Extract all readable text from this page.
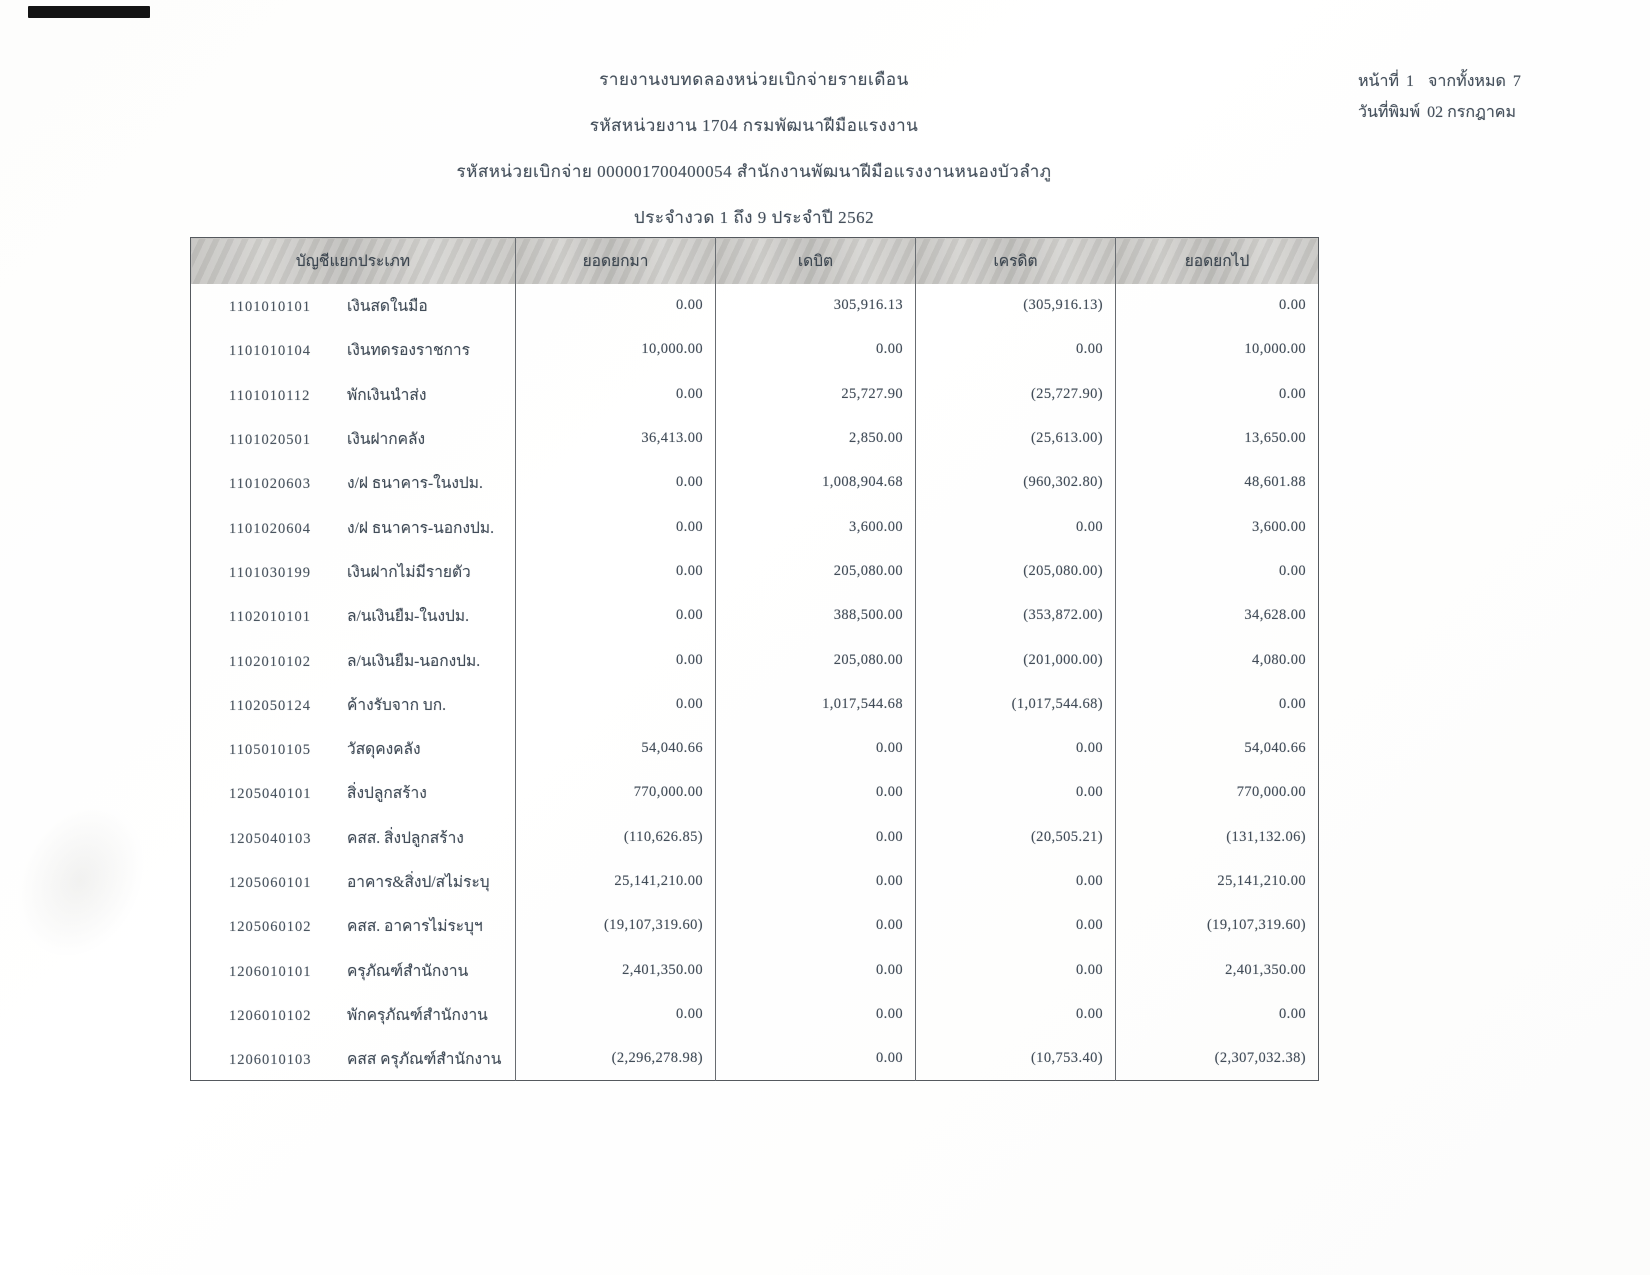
รายงานงบทดลองหน่วยเบิกจ่ายรายเดือน
รหัสหน่วยงาน 1704 กรมพัฒนาฝีมือแรงงาน
รหัสหน่วยเบิกจ่าย 000001700400054 สำนักงานพัฒนาฝีมือแรงงานหนองบัวลำภู
ประจำงวด 1 ถึง 9 ประจำปี 2562
หน้าที่ 1 จากทั้งหมด 7
วันที่พิมพ์ 02 กรกฎาคม
บัญชีแยกประเภท	ยอดยกมา	เดบิต	เครดิต	ยอดยกไป
1101010101 เงินสดในมือ	0.00	305,916.13	(305,916.13)	0.00
1101010104 เงินทดรองราชการ	10,000.00	0.00	0.00	10,000.00
1101010112 พักเงินนำส่ง	0.00	25,727.90	(25,727.90)	0.00
1101020501 เงินฝากคลัง	36,413.00	2,850.00	(25,613.00)	13,650.00
1101020603 ง/ฝ ธนาคาร-ในงปม.	0.00	1,008,904.68	(960,302.80)	48,601.88
1101020604 ง/ฝ ธนาคาร-นอกงปม.	0.00	3,600.00	0.00	3,600.00
1101030199 เงินฝากไม่มีรายตัว	0.00	205,080.00	(205,080.00)	0.00
1102010101 ล/นเงินยืม-ในงปม.	0.00	388,500.00	(353,872.00)	34,628.00
1102010102 ล/นเงินยืม-นอกงปม.	0.00	205,080.00	(201,000.00)	4,080.00
1102050124 ค้างรับจาก บก.	0.00	1,017,544.68	(1,017,544.68)	0.00
1105010105 วัสดุคงคลัง	54,040.66	0.00	0.00	54,040.66
1205040101 สิ่งปลูกสร้าง	770,000.00	0.00	0.00	770,000.00
1205040103 คสส. สิ่งปลูกสร้าง	(110,626.85)	0.00	(20,505.21)	(131,132.06)
1205060101 อาคาร&สิ่งป/สไม่ระบุ	25,141,210.00	0.00	0.00	25,141,210.00
1205060102 คสส. อาคารไม่ระบุฯ	(19,107,319.60)	0.00	0.00	(19,107,319.60)
1206010101 ครุภัณฑ์สำนักงาน	2,401,350.00	0.00	0.00	2,401,350.00
1206010102 พักครุภัณฑ์สำนักงาน	0.00	0.00	0.00	0.00
1206010103 คสส ครุภัณฑ์สำนักงาน	(2,296,278.98)	0.00	(10,753.40)	(2,307,032.38)
